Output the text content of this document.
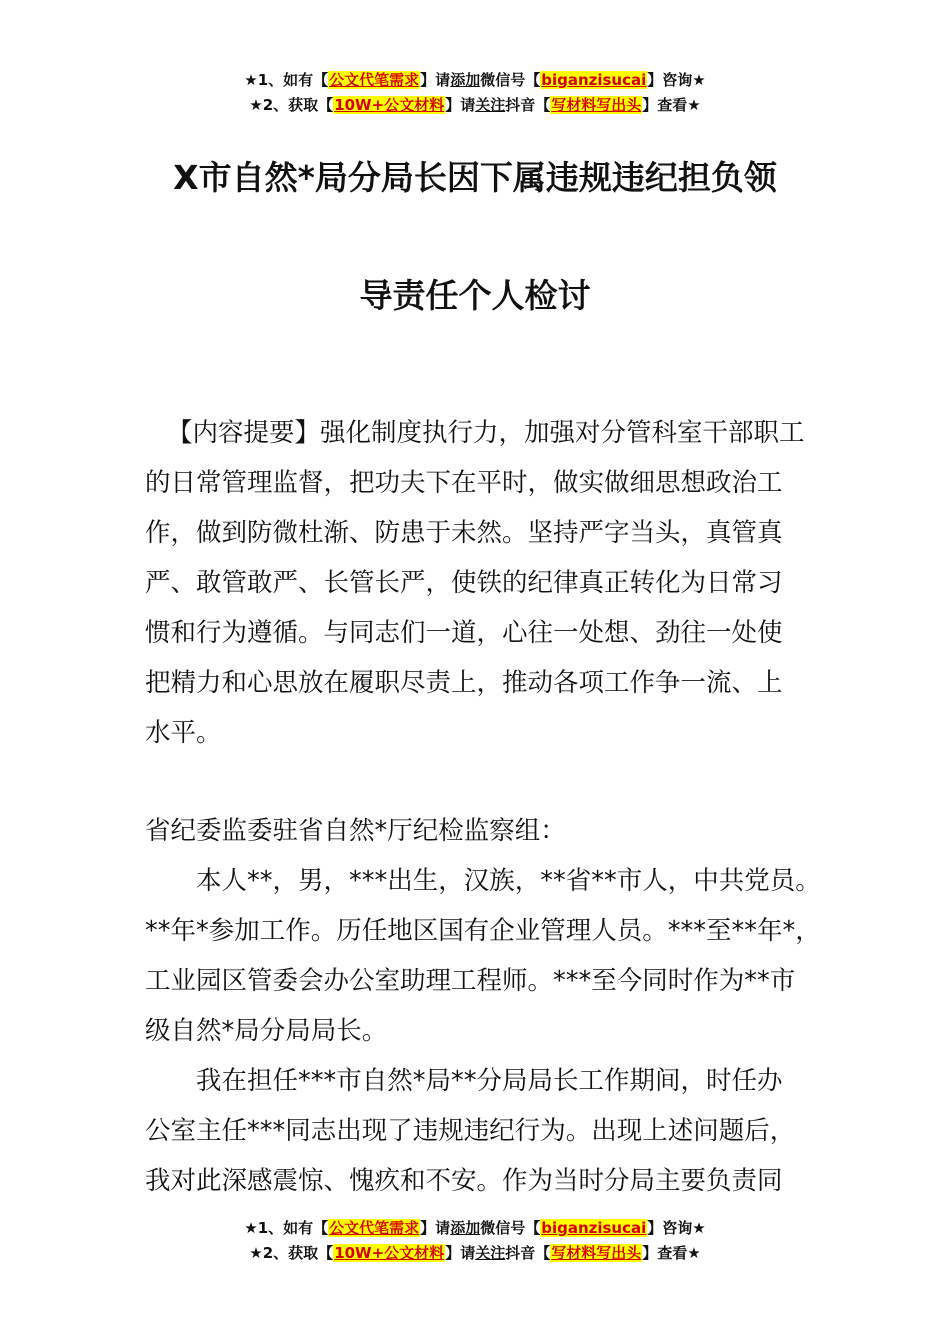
★1、如有【公文代笔需求】请添加微信号【biganzisucai】咨询★
★2、获取【10W+公文材料】请关注抖音【写材料写出头】查看★
X市自然*局分局长因下属违规违纪担负领
导责任个人检讨
【内容提要】强化制度执行力，加强对分管科室干部职工
的日常管理监督，把功夫下在平时，做实做细思想政治工
作，做到防微杜渐、防患于未然。坚持严字当头，真管真
严、敢管敢严、长管长严，使铁的纪律真正转化为日常习
惯和行为遵循。与同志们一道，心往一处想、劲往一处使
把精力和心思放在履职尽责上，推动各项工作争一流、上
水平。
省纪委监委驻省自然*厅纪检监察组：
本人**，男，***出生，汉族，**省**市人，中共党员。
**年*参加工作。历任地区国有企业管理人员。***至**年*，
工业园区管委会办公室助理工程师。***至今同时作为**市
级自然*局分局局长。
我在担任***市自然*局**分局局长工作期间，时任办
公室主任***同志出现了违规违纪行为。出现上述问题后，
我对此深感震惊、愧疚和不安。作为当时分局主要负责同
★1、如有【公文代笔需求】请添加微信号【biganzisucai】咨询★
★2、获取【10W+公文材料】请关注抖音【写材料写出头】查看★
